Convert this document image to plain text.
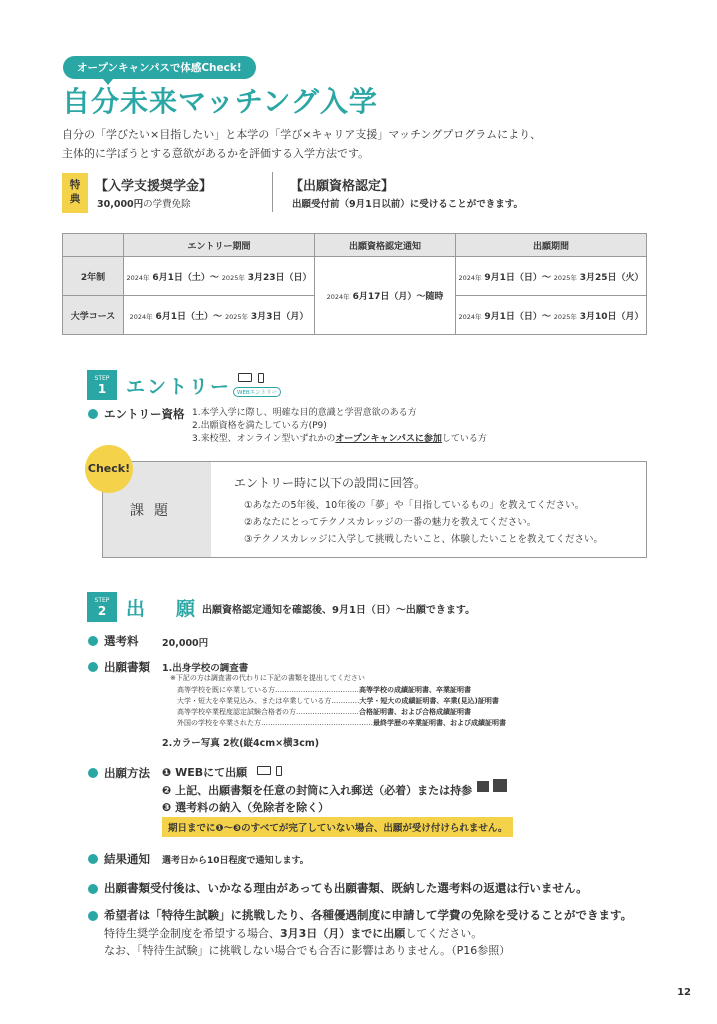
オープンキャンパスで体感Check!
自分未来マッチング入学
自分の「学びたい×目指したい」と本学の「学び×キャリア支援」マッチングプログラムにより、
主体的に学ぼうとする意欲があるかを評価する入学方法です。
特
典
【入学支援奨学金】
30,000円の学費免除
【出願資格認定】
出願受付前（9月1日以前）に受けることができます。
	エントリー期間	出願資格認定通知	出願期間
2年制	2024年 6月1日（土）～ 2025年 3月23日（日）	2024年 6月17日（月）～随時	2024年 9月1日（日）～ 2025年 3月25日（火）
大学コース	2024年 6月1日（土）～ 2025年 3月3日（月）		2024年 9月1日（日）～ 2025年 3月10日（月）
STEP
1	エントリー	WEBエントリー
エントリー資格 1.本学入学に際し、明確な目的意識と学習意欲のある方
2.出願資格を満たしている方(P9)
3.来校型、オンライン型いずれかのオープンキャンパスに参加している方
Check!
課題
エントリー時に以下の設問に回答。
①あなたの5年後、10年後の「夢」や「目指しているもの」を教えてください。
②あなたにとってテクノスカレッジの一番の魅力を教えてください。
③テクノスカレッジに入学して挑戦したいこと、体験したいことを教えてください。
STEP
2	出　願 出願資格認定通知を確認後、9月1日（日）～出願できます。
選考料 20,000円
出願書類 1.出身学校の調査書
※下記の方は調査書の代わりに下記の書類を提出してください
高等学校を既に卒業している方………………………………高等学校の成績証明書、卒業証明書
大学・短大を卒業見込み、または卒業している方…………大学・短大の成績証明書、卒業(見込)証明書
高等学校卒業程度認定試験合格者の方………………………合格証明書、および合格成績証明書
外国の学校を卒業された方…………………………………………最終学歴の卒業証明書、および成績証明書
2.カラー写真 2枚(縦4cm×横3cm)
出願方法 ❶ WEBにて出願
❷ 上記、出願書類を任意の封筒に入れ郵送（必着）または持参
❸ 選考料の納入（免除者を除く）
期日までに❶～❸のすべてが完了していない場合、出願が受け付けられません。
結果通知 選考日から10日程度で通知します。
出願書類受付後は、いかなる理由があっても出願書類、既納した選考料の返還は行いません。
希望者は「特待生試験」に挑戦したり、各種優遇制度に申請して学費の免除を受けることができます。
特待生奨学金制度を希望する場合、3月3日（月）までに出願してください。
なお、「特待生試験」に挑戦しない場合でも合否に影響はありません。（P16参照）
12
